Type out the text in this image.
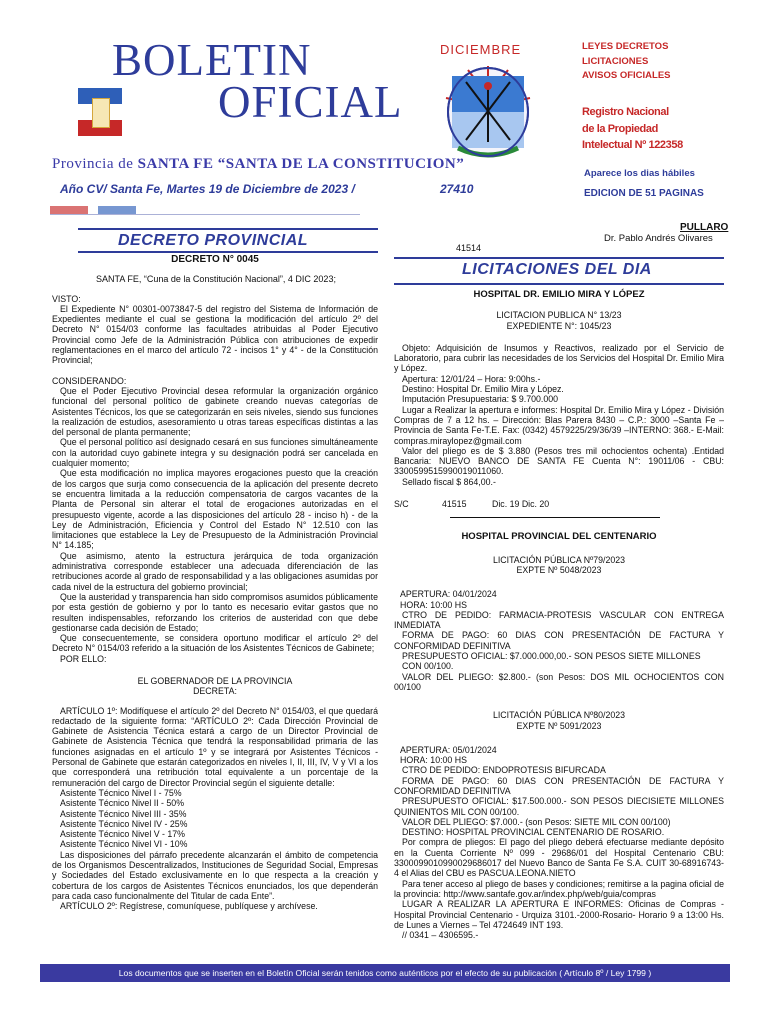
BOLETIN
OFICIAL
Provincia de SANTA FE “SANTA DE LA CONSTITUCION”
Año CV/ Santa Fe, Martes 19 de Diciembre de 2023 /	27410
DICIEMBRE	LEYES DECRETOS
LICITACIONES
AVISOS OFICIALES
Registro Nacional
de la Propiedad
Intelectual Nº 122358
Aparece los dias hábiles
EDICION DE 51 PAGINAS
DECRETO PROVINCIAL

DECRETO N° 0045

SANTA FE, “Cuna de la Constitución Nacional”, 4 DIC 2023;

VISTO:

El Expediente N° 00301-0073847-5 del registro del Sistema de Información de Expedientes mediante el cual se gestiona la modificación del artículo 2º del Decreto N° 0154/03 conforme las facultades atribuidas al Poder Ejecutivo Provincial como Jefe de la Administración Pública con atribuciones de expedir reglamentaciones en el marco del artículo 72 - incisos 1° y 4° - de la Constitución Provincial;

CONSIDERANDO:

Que el Poder Ejecutivo Provincial desea reformular la organización orgánico funcional del personal político de gabinete creando nuevas categorías de Asistentes Técnicos, los que se categorizarán en seis niveles, siendo sus funciones la realización de estudios, asesoramiento u otras tareas específicas distintas a las del personal de planta permanente;

Que el personal político así designado cesará en sus funciones simultáneamente con la autoridad cuyo gabinete integra y su designación podrá ser cancelada en cualquier momento;

Que esta modificación no implica mayores erogaciones puesto que la creación de los cargos que surja como consecuencia de la aplicación del presente decreto se encuentra limitada a la reducción compensatoria de cargos vacantes de la Planta de Personal sin alterar el total de erogaciones autorizadas en el presupuesto vigente, acorde a las disposiciones del artículo 28 - inciso h) - de la Ley de Administración, Eficiencia y Control del Estado N° 12.510 con las limitaciones que establece la Ley de Presupuesto de la Administración Provincial N° 14.185;

Que asimismo, atento la estructura jerárquica de toda organización administrativa corresponde establecer una adecuada diferenciación de las retribuciones acorde al grado de responsabilidad y a las obligaciones asumidas por cada nivel de la estructura del gobierno provincial;

Que la austeridad y transparencia han sido compromisos asumidos públicamente por esta gestión de gobierno y por lo tanto es necesario evitar gastos que no resulten indispensables, reforzando los criterios de austeridad con que debe gestionarse cada decisión de Estado;

Que consecuentemente, se considera oportuno modificar el artículo 2º del Decreto N° 0154/03 referido a la situación de los Asistentes Técnicos de Gabinete;

POR ELLO:

EL GOBERNADOR DE LA PROVINCIA

DECRETA:

ARTÍCULO 1º: Modifíquese el artículo 2º del Decreto N° 0154/03, el que quedará redactado de la siguiente forma: “ARTÍCULO 2º: Cada Dirección Provincial de Gabinete de Asistencia Técnica estará a cargo de un Director Provincial de Gabinete de Asistencia Técnica que tendrá la responsabilidad primaria de las funciones asignadas en el artículo 1º y se integrará por Asistentes Técnicos - Personal de Gabinete que estarán categorizados en niveles I, II, III, IV, V y VI a los que corresponderá una retribución total equivalente a un porcentaje de la remuneración del cargo de Director Provincial según el siguiente detalle:

Asistente Técnico Nivel I - 75%

Asistente Técnico Nivel II - 50%

Asistente Técnico Nivel III - 35%

Asistente Técnico Nivel IV - 25%

Asistente Técnico Nivel V - 17%

Asistente Técnico Nivel VI - 10%

Las disposiciones del párrafo precedente alcanzarán el ámbito de competencia de los Organismos Descentralizados, Instituciones de Seguridad Social, Empresas y Sociedades del Estado exclusivamente en lo que respecta a la creación y cobertura de los cargos de Asistentes Técnicos enunciados, los que dependerán para cada caso funcionalmente del Titular de cada Ente”.

ARTÍCULO 2º: Regístrese, comuníquese, publíquese y archívese.

PULLARO
Dr. Pablo Andrés Olivares
41514
LICITACIONES DEL DIA

HOSPITAL DR. EMILIO MIRA Y LÓPEZ

LICITACION PUBLICA N° 13/23

EXPEDIENTE N°: 1045/23

Objeto: Adquisición de Insumos y Reactivos, realizado por el Servicio de Laboratorio, para cubrir las necesidades de los Servicios del Hospital Dr. Emilio Mira y López.

Apertura: 12/01/24 – Hora: 9:00hs.-

Destino: Hospital Dr. Emilio Mira y López.

Imputación Presupuestaria: $ 9.700.000

Lugar a Realizar la apertura e informes: Hospital Dr. Emilio Mira y López - División Compras de 7 a 12 hs. – Dirección: Blas Parera 8430 – C.P.: 3000 –Santa Fe – Provincia de Santa Fe-T.E. Fax: (0342) 4579225/29/36/39 –INTERNO: 368.- E-Mail: compras.miraylopez@gmail.com

Valor del pliego es de $ 3.880 (Pesos tres mil ochocientos ochenta) .Entidad Bancaria: NUEVO BANCO DE SANTA FE Cuenta N°: 19011/06 - CBU: 3300599515990019011060.

Sellado fiscal $ 864,00.-

S/C	41515	Dic. 19 Dic. 20

HOSPITAL PROVINCIAL DEL CENTENARIO

LICITACIÓN PÚBLICA Nº79/2023

EXPTE Nº 5048/2023

APERTURA: 04/01/2024

HORA: 10:00 HS

CTRO DE PEDIDO: FARMACIA-PROTESIS VASCULAR CON ENTREGA INMEDIATA

FORMA DE PAGO: 60 DIAS CON PRESENTACIÓN DE FACTURA Y CONFORMIDAD DEFINITIVA

PRESUPUESTO OFICIAL: $7.000.000,00.- SON PESOS SIETE MILLONES

CON 00/100.

VALOR DEL PLIEGO: $2.800.- (son Pesos: DOS MIL OCHOCIENTOS CON 00/100

LICITACIÓN PÚBLICA Nº80/2023

EXPTE Nº 5091/2023

APERTURA: 05/01/2024

HORA: 10:00 HS

CTRO DE PEDIDO: ENDOPROTESIS BIFURCADA

FORMA DE PAGO: 60 DIAS CON PRESENTACIÓN DE FACTURA Y CONFORMIDAD DEFINITIVA

PRESUPUESTO OFICIAL: $17.500.000.- SON PESOS DIECISIETE MILLONES QUINIENTOS MIL CON 00/100.

VALOR DEL PLIEGO: $7.000.- (son Pesos: SIETE MIL CON 00/100)

DESTINO: HOSPITAL PROVINCIAL CENTENARIO DE ROSARIO.

Por compra de pliegos: El pago del pliego deberá efectuarse mediante depósito en la Cuenta Corriente Nº 099 - 29686/01 del Hospital Centenario CBU: 3300099010990029686017 del Nuevo Banco de Santa Fe S.A. CUIT 30-68916743-4 el Alias del CBU es PASCUA.LEONA.NIETO

Para tener acceso al pliego de bases y condiciones; remitirse a la pagina oficial de la provincia: http://www.santafe.gov.ar/index.php/web/guia/compras

LUGAR A REALIZAR LA APERTURA E INFORMES: Oficinas de Compras -Hospital Provincial Centenario - Urquiza 3101.-2000-Rosario- Horario 9 a 13:00 Hs. de Lunes a Viernes – Tel 4724649 INT 193.

// 0341 – 4306595.-

Los documentos que se inserten en el Boletín Oficial serán tenidos como auténticos por el efecto de su publicación ( Artículo 8º / Ley 1799 )
